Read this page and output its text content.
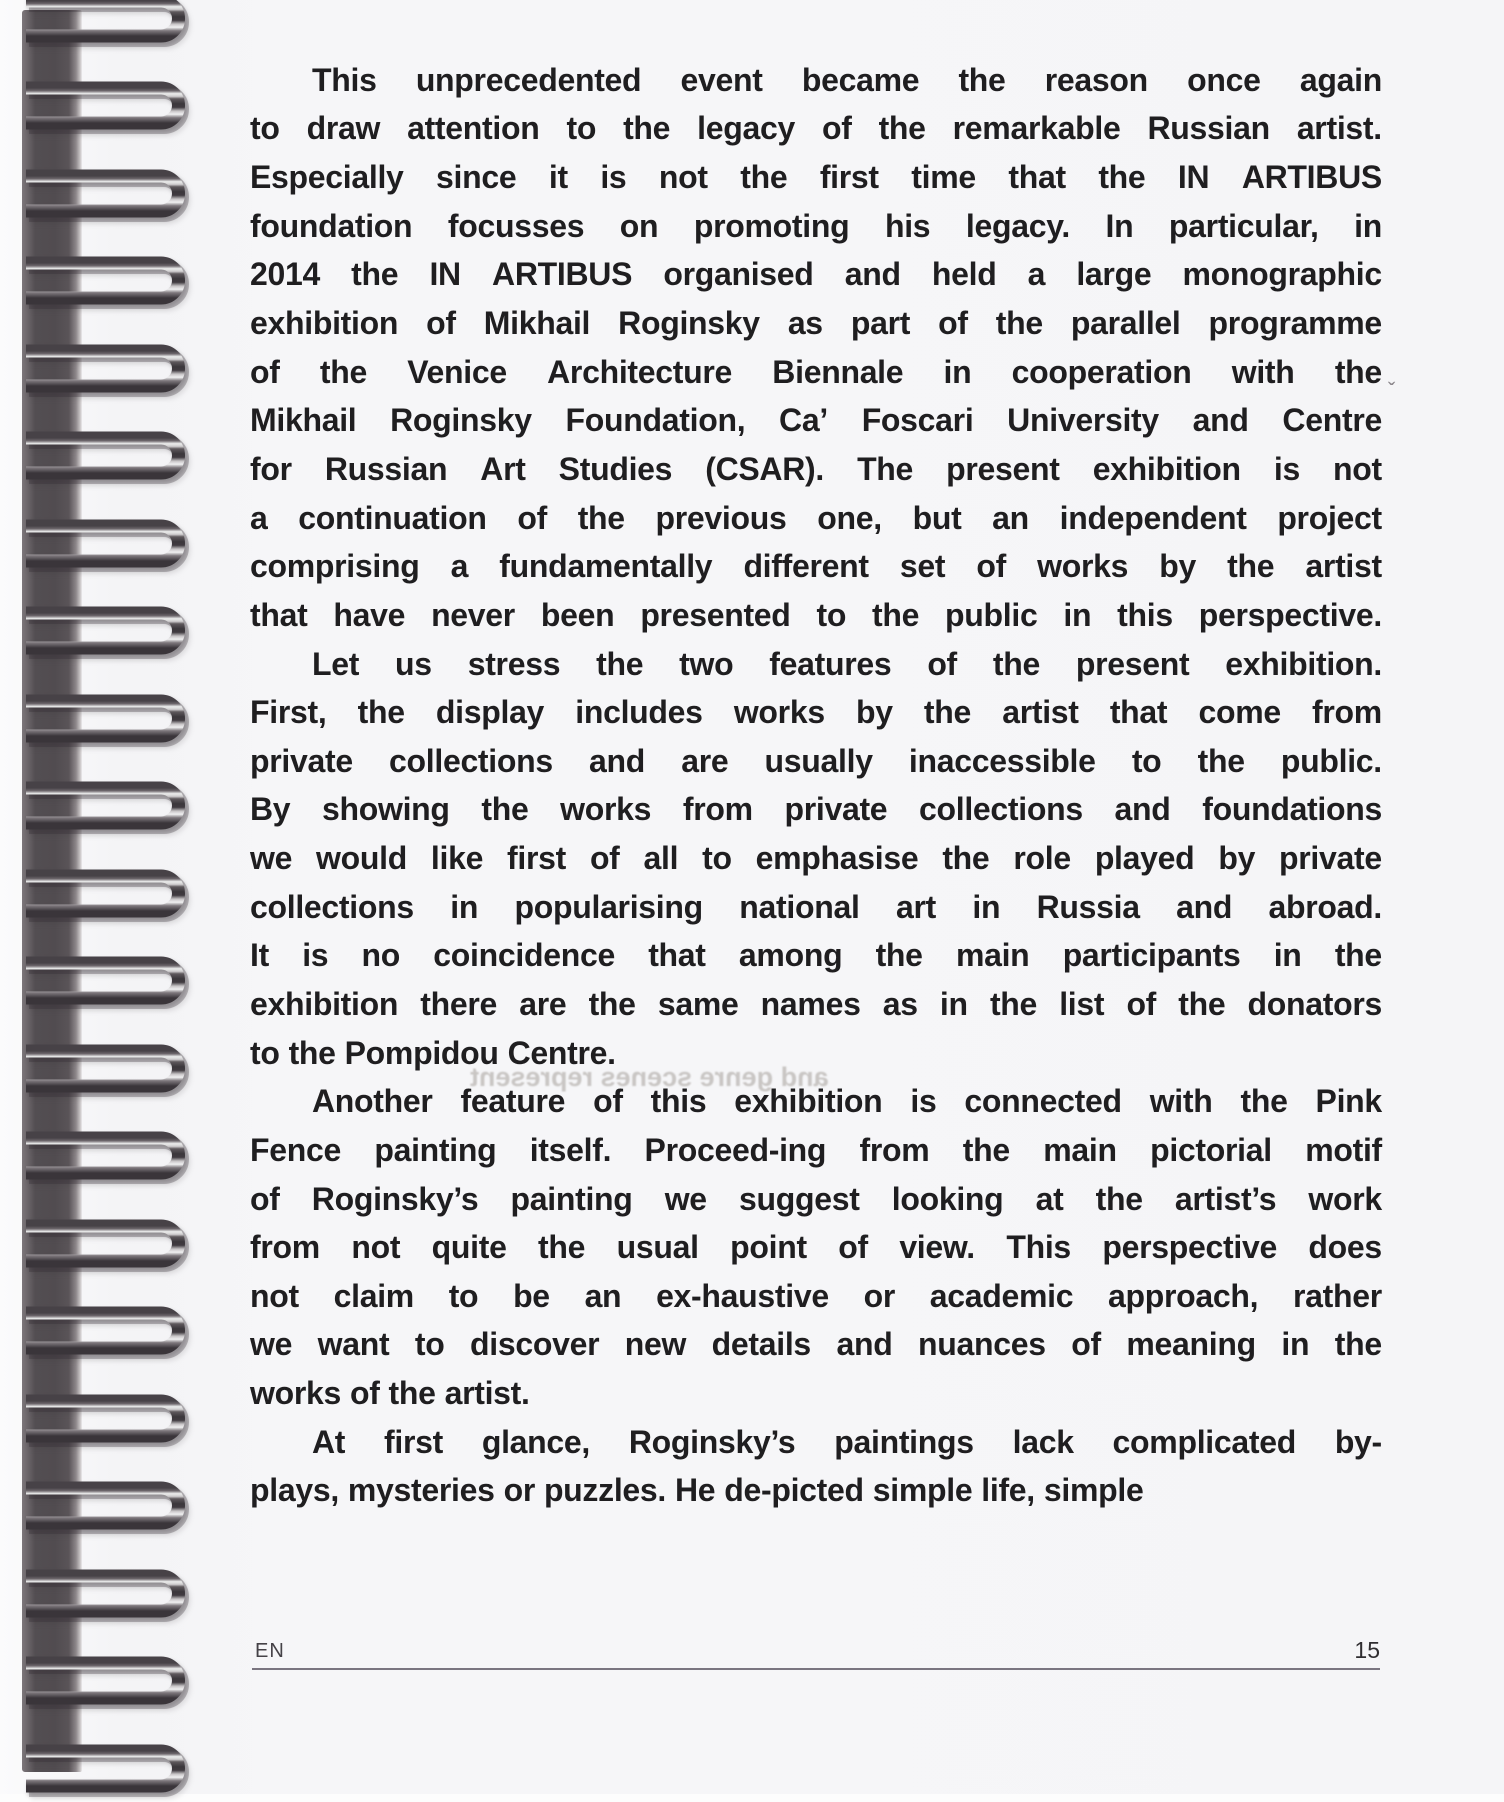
This unprecedented event became the reason once again
to draw attention to the legacy of the remarkable Russian artist.
Especially since it is not the first time that the IN ARTIBUS
foundation focusses on promoting his legacy. In particular, in
2014 the IN ARTIBUS organised and held a large monographic
exhibition of Mikhail Roginsky as part of the parallel programme
of the Venice Architecture Biennale in cooperation with the
Mikhail Roginsky Foundation, Ca’ Foscari University and Centre
for Russian Art Studies (CSAR). The present exhibition is not
a continuation of the previous one, but an independent project
comprising a fundamentally different set of works by the artist
that have never been presented to the public in this perspective.
Let us stress the two features of the present exhibition.
First, the display includes works by the artist that come from
private collections and are usually inaccessible to the public.
By showing the works from private collections and foundations
we would like first of all to emphasise the role played by private
collections in popularising national art in Russia and abroad.
It is no coincidence that among the main participants in the
exhibition there are the same names as in the list of the donators
to the Pompidou Centre.
Another feature of this exhibition is connected with the Pink
Fence painting itself. Proceed-ing from the main pictorial motif
of Roginsky’s painting we suggest looking at the artist’s work
from not quite the usual point of view. This perspective does
not claim to be an ex-haustive or academic approach, rather
we want to discover new details and nuances of meaning in the
works of the artist.
At first glance, Roginsky’s paintings lack complicated by-
plays, mysteries or puzzles. He de-picted simple life, simple
and genre scenes represent
ˇ
EN	15
